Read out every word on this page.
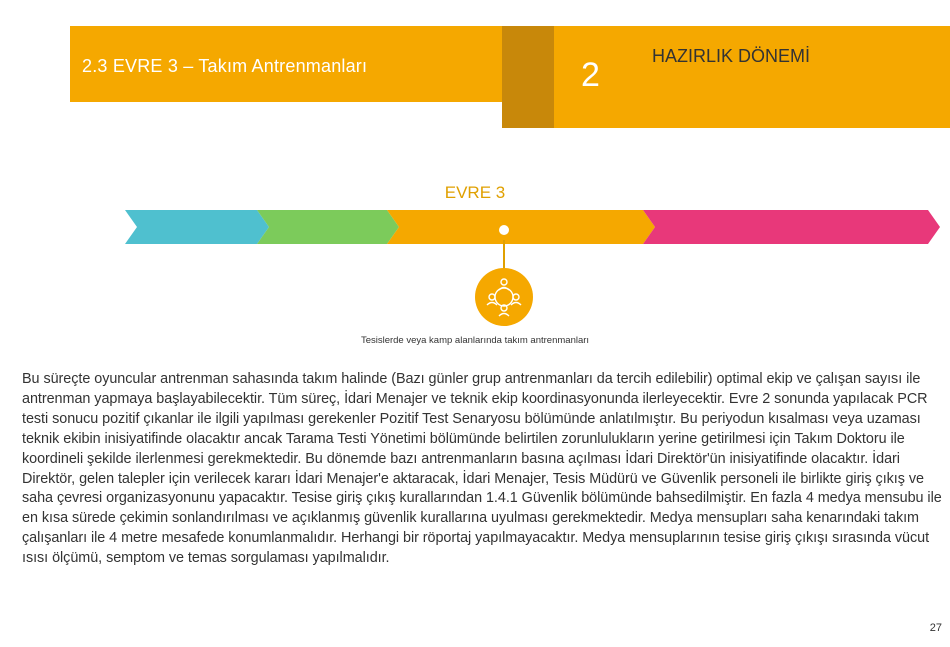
2.3 EVRE 3 – Takım Antrenmanları	2	HAZIRLIK DÖNEMİ
EVRE 3
Tesislerde veya kamp alanlarında takım antrenmanları

Bu süreçte oyuncular antrenman sahasında takım halinde (Bazı günler grup antrenmanları da tercih edilebilir) optimal ekip ve çalışan sayısı ile antrenman yapmaya başlayabilecektir. Tüm süreç, İdari Menajer ve teknik ekip koordinasyonunda ilerleyecektir. Evre 2 sonunda yapılacak PCR testi sonucu pozitif çıkanlar ile ilgili yapılması gerekenler Pozitif Test Senaryosu bölümünde anlatılmıştır. Bu periyodun kısalması veya uzaması teknik ekibin inisiyatifinde olacaktır ancak Tarama Testi Yönetimi bölümünde belirtilen zorunlulukların yerine getirilmesi için Takım Doktoru ile koordineli şekilde ilerlenmesi gerekmektedir. Bu dönemde bazı antrenmanların basına açılması İdari Direktör'ün inisiyatifinde olacaktır. İdari Direktör, gelen talepler için verilecek kararı İdari Menajer'e aktaracak, İdari Menajer, Tesis Müdürü ve Güvenlik personeli ile birlikte giriş çıkış ve saha çevresi organizasyonunu yapacaktır. Tesise giriş çıkış kurallarından 1.4.1 Güvenlik bölümünde bahsedilmiştir. En fazla 4 medya mensubu ile en kısa sürede çekimin sonlandırılması ve açıklanmış güvenlik kurallarına uyulması gerekmektedir. Medya mensupları saha kenarındaki takım çalışanları ile 4 metre mesafede konumlanmalıdır. Herhangi bir röportaj yapılmayacaktır. Medya mensuplarının tesise giriş çıkışı sırasında vücut ısısı ölçümü, semptom ve temas sorgulaması yapılmalıdır.

27
